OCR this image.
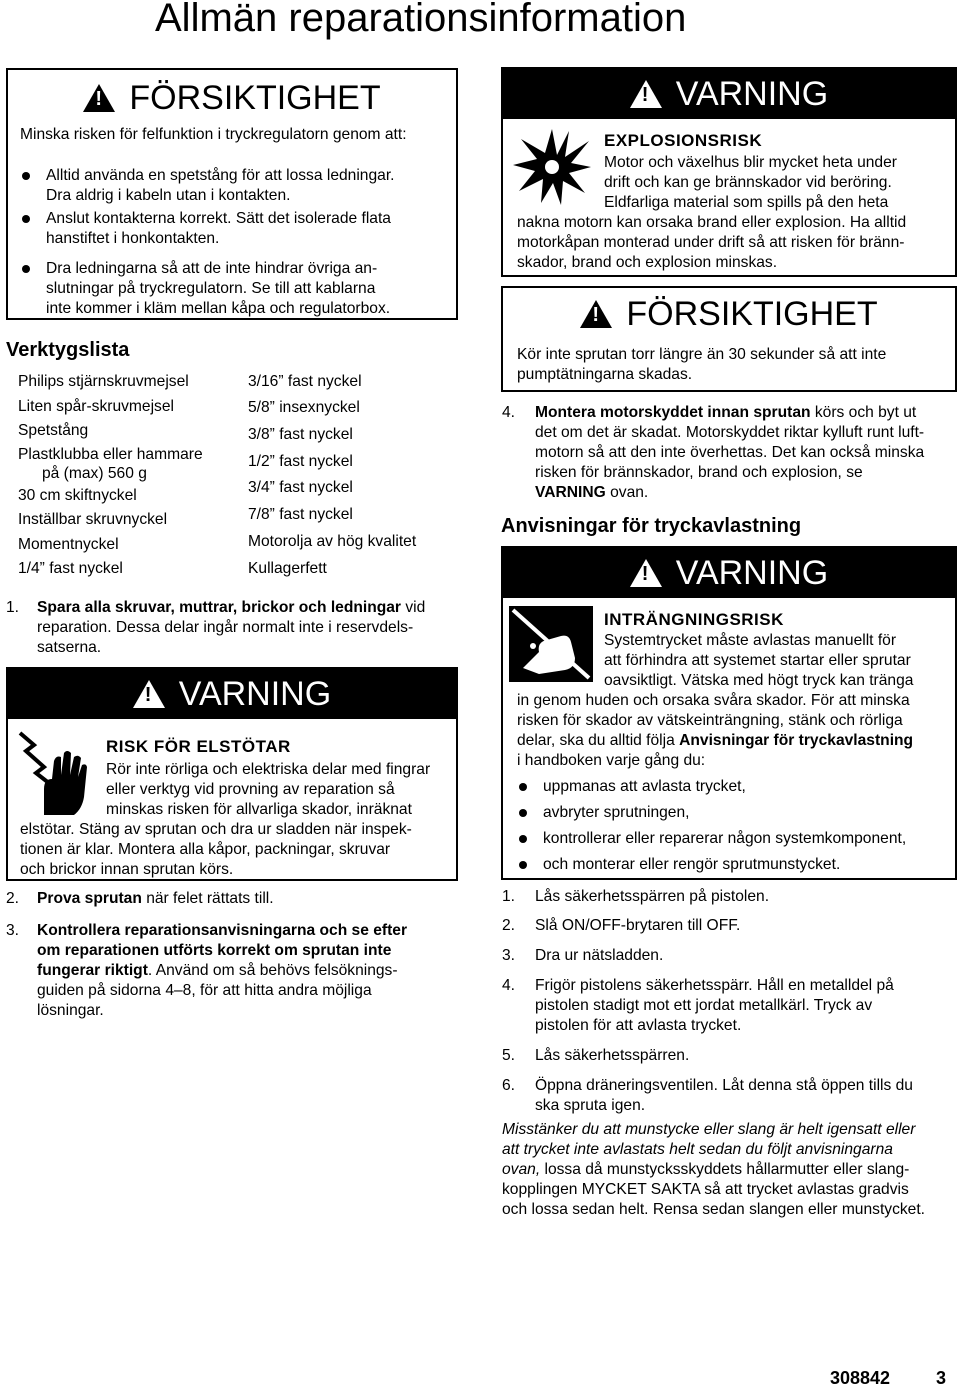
Allmän reparationsinformation
!
FÖRSIKTIGHET
Minska risken för felfunktion i tryckregulatorn genom att:
Alltid använda en spetstång för att lossa ledningar.
Dra aldrig i kabeln utan i kontakten.
Anslut kontakterna korrekt. Sätt det isolerade flata
hanstiftet i honkontakten.
Dra ledningarna så att de inte hindrar övriga an-
slutningar på tryckregulatorn. Se till att kablarna
inte kommer i kläm mellan kåpa och regulatorbox.
Verktygslista
Philips stjärnskruvmejsel
Liten spår-skruvmejsel
Spetstång
Plastklubba eller hammare
på (max) 560 g
30 cm skiftnyckel
Inställbar skruvnyckel
Momentnyckel
1/4” fast nyckel
3/16” fast nyckel
5/8” insexnyckel
3/8” fast nyckel
1/2” fast nyckel
3/4” fast nyckel
7/8” fast nyckel
Motorolja av hög kvalitet
Kullagerfett
1. Spara alla skruvar, muttrar, brickor och ledningar vid
reparation. Dessa delar ingår normalt inte i reservdels-
satserna.
!
VARNING
RISK FÖR ELSTÖTAR
Rör inte rörliga och elektriska delar med fingrar
eller verktyg vid provning av reparation så
minskas risken för allvarliga skador, inräknat
elstötar. Stäng av sprutan och dra ur sladden när inspek-
tionen är klar. Montera alla kåpor, packningar, skruvar
och brickor innan sprutan körs.
2. Prova sprutan när felet rättats till.
3. Kontrollera reparationsanvisningarna och se efter
om reparationen utförts korrekt om sprutan inte
fungerar riktigt. Använd om så behövs felsöknings-
guiden på sidorna 4–8, för att hitta andra möjliga
lösningar.
!
VARNING
EXPLOSIONSRISK
Motor och växelhus blir mycket heta under
drift och kan ge brännskador vid beröring.
Eldfarliga material som spills på den heta
nakna motorn kan orsaka brand eller explosion. Ha alltid
motorkåpan monterad under drift så att risken för bränn-
skador, brand och explosion minskas.
!
FÖRSIKTIGHET
Kör inte sprutan torr längre än 30 sekunder så att inte
pumptätningarna skadas.
4. Montera motorskyddet innan sprutan körs och byt ut
det om det är skadat. Motorskyddet riktar kylluft runt luft-
motorn så att den inte överhettas. Det kan också minska
risken för brännskador, brand och explosion, se
VARNING ovan.
Anvisningar för tryckavlastning
!
VARNING
INTRÄNGNINGSRISK
Systemtrycket måste avlastas manuellt för
att förhindra att systemet startar eller sprutar
oavsiktligt. Vätska med högt tryck kan tränga
in genom huden och orsaka svåra skador. För att minska
risken för skador av vätskeinträngning, stänk och rörliga
delar, ska du alltid följa Anvisningar för tryckavlastning
i handboken varje gång du:
uppmanas att avlasta trycket,
avbryter sprutningen,
kontrollerar eller reparerar någon systemkomponent,
och monterar eller rengör sprutmunstycket.
1. Lås säkerhetsspärren på pistolen.
2. Slå ON/OFF-brytaren till OFF.
3. Dra ur nätsladden.
4. Frigör pistolens säkerhetsspärr. Håll en metalldel på
pistolen stadigt mot ett jordat metallkärl. Tryck av
pistolen för att avlasta trycket.
5. Lås säkerhetsspärren.
6. Öppna dräneringsventilen. Låt denna stå öppen tills du
ska spruta igen.
Misstänker du att munstycke eller slang är helt igensatt eller
att trycket inte avlastats helt sedan du följt anvisningarna
ovan, lossa då munstycksskyddets hållarmutter eller slang-
kopplingen MYCKET SAKTA så att trycket avlastas gradvis
och lossa sedan helt. Rensa sedan slangen eller munstycket.
308842	3
